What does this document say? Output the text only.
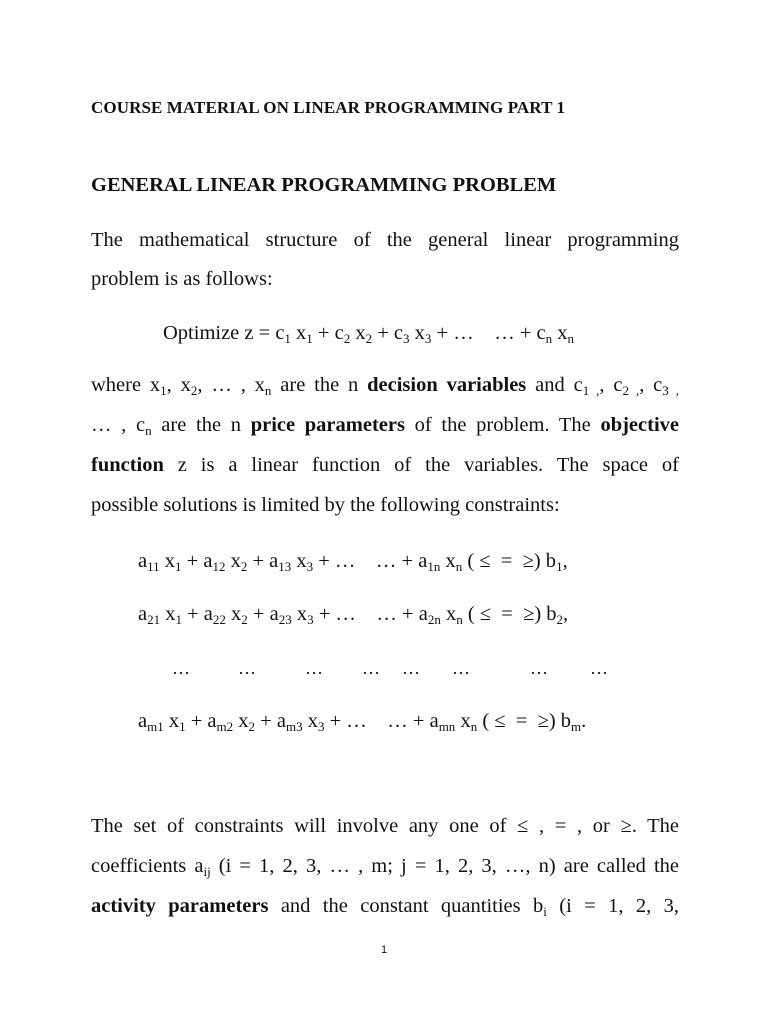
COURSE MATERIAL ON LINEAR PROGRAMMING PART 1
GENERAL LINEAR PROGRAMMING PROBLEM
The mathematical structure of the general linear programming
problem is as follows:
Optimize $z = c_1$ $x_1 + c_2$ $x_2 + c_3$ $x_3$ + …    … + $c_n$ $x_n$
where $x_1$, $x_2$, … , $x_n$ are the n decision variables and $c_{1 ,}$, $c_{2 ,}$, $c_{3 ,}$
… , $c_n$ are the n price parameters of the problem. The objective
function z is a linear function of the variables. The space of
possible solutions is limited by the following constraints:
$a_{11}$ $x_1 + a_{12}$ $x_2 + a_{13}$ $x_3$ + …    … + $a_{1n}$ $x_n$ ( ≤  =  ≥) $b_1$,
$a_{21}$ $x_1 + a_{22}$ $x_2 + a_{23}$ $x_3$ + …    … + $a_{2n}$ $x_n$ ( ≤  =  ≥) $b_2$,
…	…	… … … …	… …
$a_{m1}$ $x_1 + a_{m2}$ $x_2 + a_{m3}$ $x_3$ + …    … + $a_{mn}$ $x_n$ ( ≤  =  ≥) $b_m$.
The set of constraints will involve any one of ≤ , = , or ≥. The
coefficients $a_{ij}$ (i = 1, 2, 3, … , m; j = 1, 2, 3, …, n) are called the
activity parameters and the constant quantities $b_i$ (i = 1, 2, 3,
1
